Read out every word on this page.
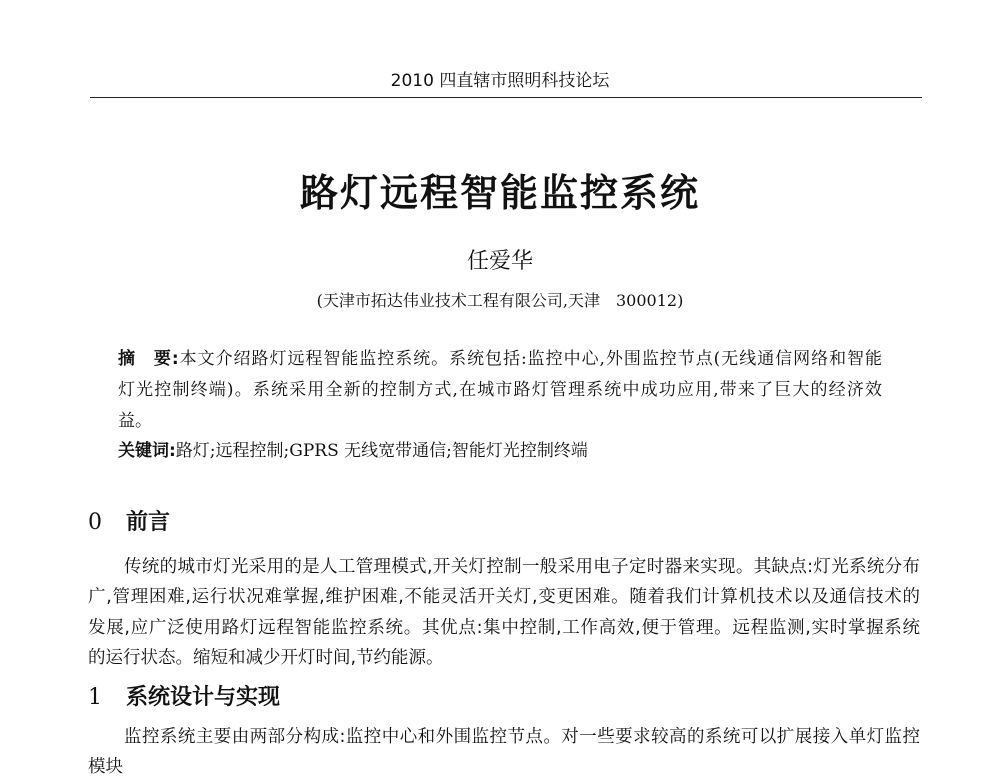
2010 四直辖市照明科技论坛
路灯远程智能监控系统
任爱华
(天津市拓达伟业技术工程有限公司,天津　300012)
摘　要:本文介绍路灯远程智能监控系统。系统包括:监控中心,外围监控节点(无线通信网络和智能
灯光控制终端)。系统采用全新的控制方式,在城市路灯管理系统中成功应用,带来了巨大的经济效
益。
关键词:路灯;远程控制;GPRS 无线宽带通信;智能灯光控制终端
0 前言
传统的城市灯光采用的是人工管理模式,开关灯控制一般采用电子定时器来实现。其缺点:灯光系统分布
广,管理困难,运行状况难掌握,维护困难,不能灵活开关灯,变更困难。随着我们计算机技术以及通信技术的
发展,应广泛使用路灯远程智能监控系统。其优点:集中控制,工作高效,便于管理。远程监测,实时掌握系统
的运行状态。缩短和减少开灯时间,节约能源。
1 系统设计与实现
监控系统主要由两部分构成:监控中心和外围监控节点。对一些要求较高的系统可以扩展接入单灯监控
模块
